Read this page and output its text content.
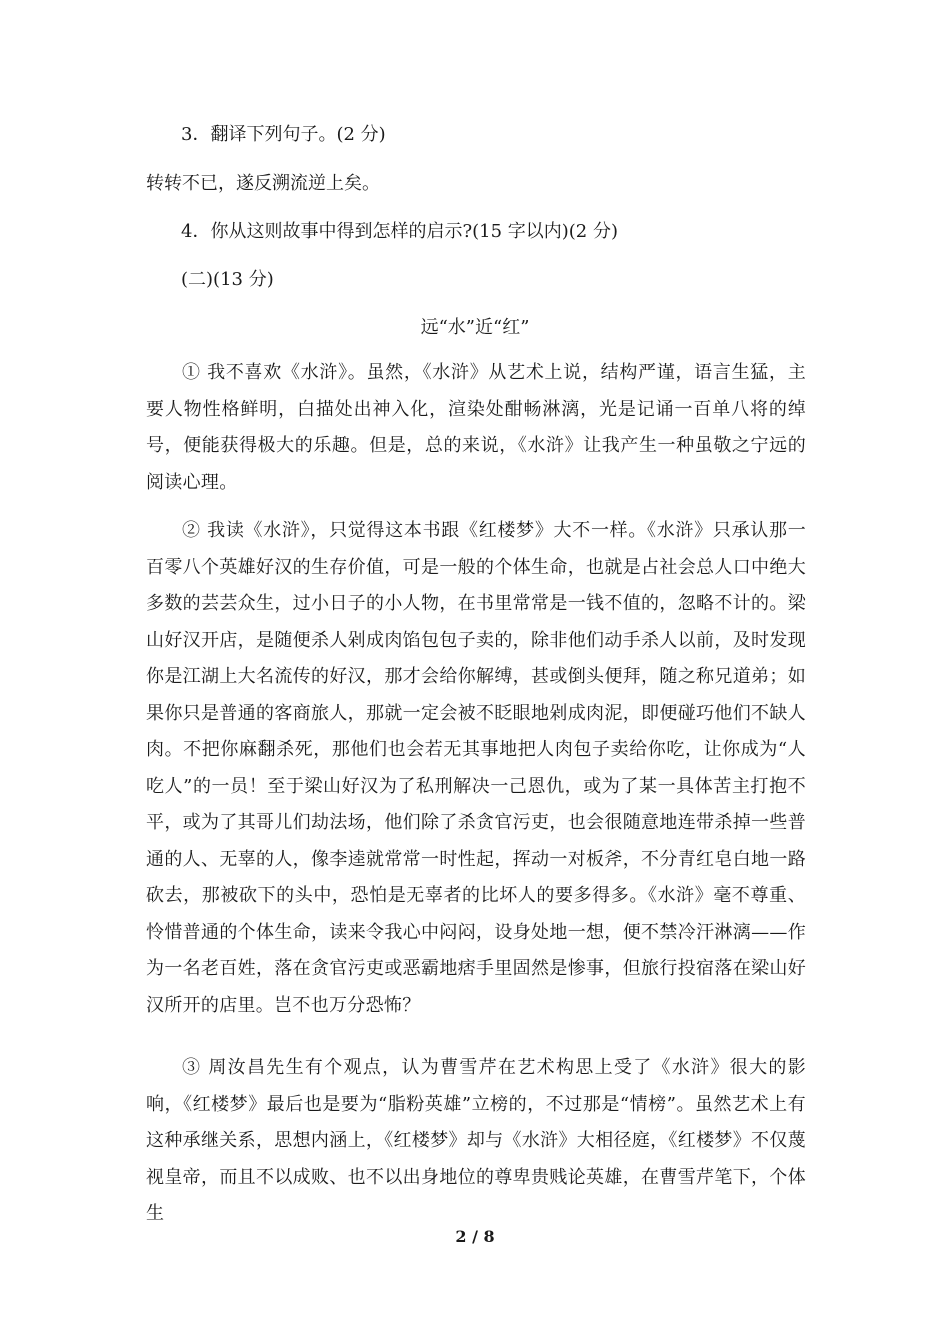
3．翻译下列句子。(2 分)
转转不已，遂反溯流逆上矣。
4．你从这则故事中得到怎样的启示?(15 字以内)(2 分)
(二)(13 分)
远“水”近“红”
① 我不喜欢《水浒》。虽然，《水浒》从艺术上说，结构严谨，语言生猛，主要人物性格鲜明，白描处出神入化，渲染处酣畅淋漓，光是记诵一百单八将的绰号，便能获得极大的乐趣。但是，总的来说，《水浒》让我产生一种虽敬之宁远的阅读心理。
② 我读《水浒》，只觉得这本书跟《红楼梦》大不一样。《水浒》只承认那一百零八个英雄好汉的生存价值，可是一般的个体生命，也就是占社会总人口中绝大多数的芸芸众生，过小日子的小人物，在书里常常是一钱不值的，忽略不计的。梁山好汉开店，是随便杀人剁成肉馅包包子卖的，除非他们动手杀人以前，及时发现你是江湖上大名流传的好汉，那才会给你解缚，甚或倒头便拜，随之称兄道弟；如果你只是普通的客商旅人，那就一定会被不眨眼地剁成肉泥，即便碰巧他们不缺人肉。不把你麻翻杀死，那他们也会若无其事地把人肉包子卖给你吃，让你成为“人吃人”的一员！至于梁山好汉为了私刑解决一己恩仇，或为了某一具体苦主打抱不平，或为了其哥儿们劫法场，他们除了杀贪官污吏，也会很随意地连带杀掉一些普通的人、无辜的人，像李逵就常常一时性起，挥动一对板斧，不分青红皂白地一路砍去，那被砍下的头中，恐怕是无辜者的比坏人的要多得多。《水浒》毫不尊重、怜惜普通的个体生命，读来令我心中闷闷，设身处地一想，便不禁冷汗淋漓——作为一名老百姓，落在贪官污吏或恶霸地痞手里固然是惨事，但旅行投宿落在梁山好汉所开的店里。岂不也万分恐怖？
③ 周汝昌先生有个观点，认为曹雪芹在艺术构思上受了《水浒》很大的影响，《红楼梦》最后也是要为“脂粉英雄”立榜的，不过那是“情榜”。虽然艺术上有这种承继关系，思想内涵上，《红楼梦》却与《水浒》大相径庭，《红楼梦》不仅蔑视皇帝，而且不以成败、也不以出身地位的尊卑贵贱论英雄，在曹雪芹笔下，个体生
2 / 8
